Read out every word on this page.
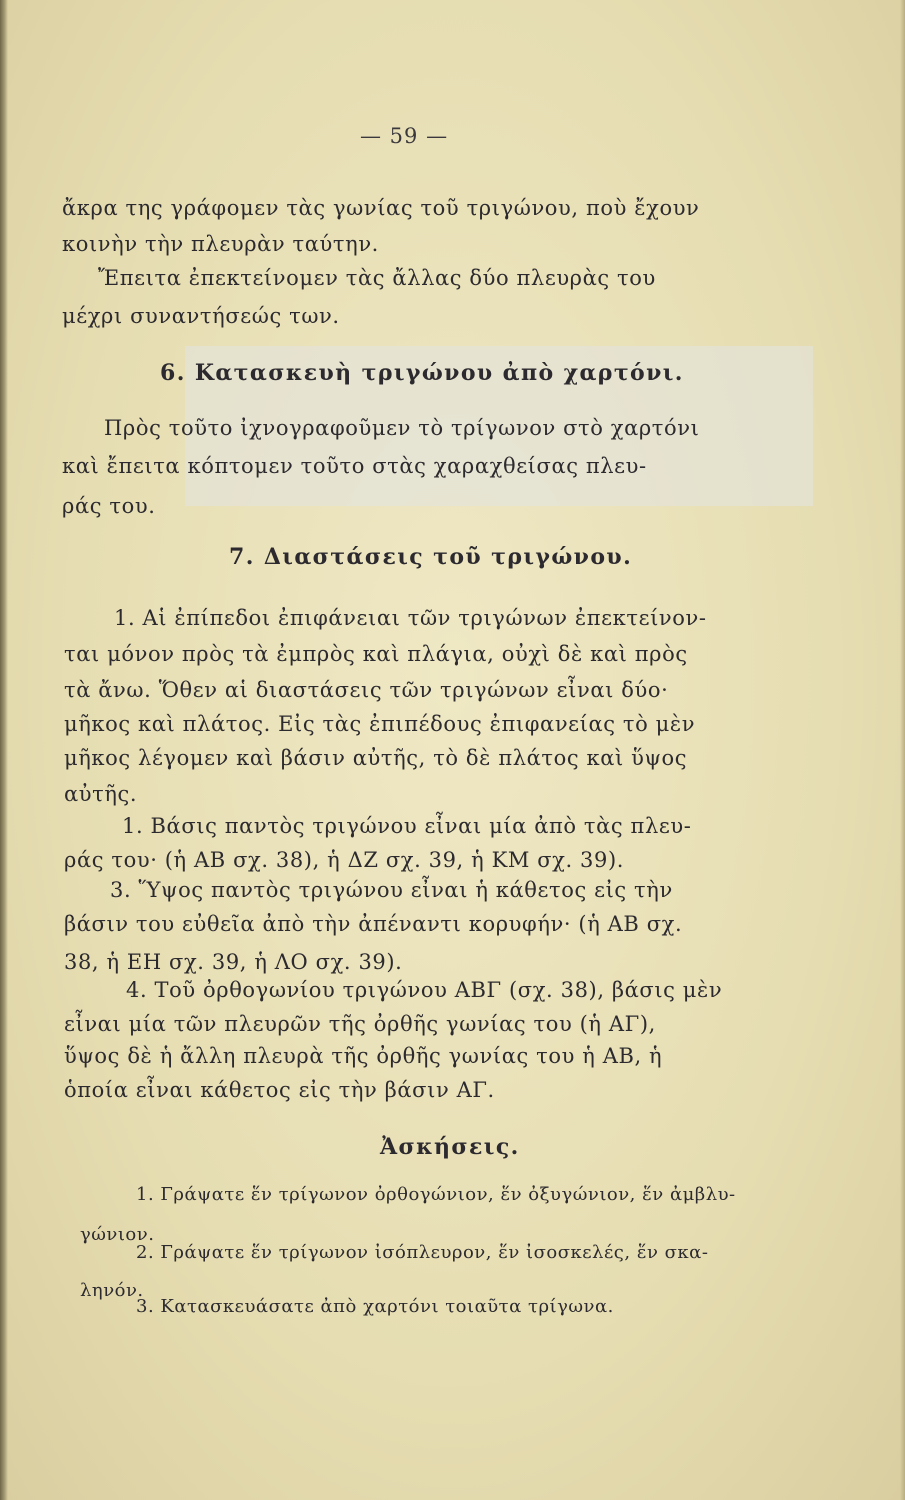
— 59 —
ἄκρα της γράφομεν τὰς γωνίας τοῦ τριγώνου, ποὺ ἔχουν
κοινὴν τὴν πλευρὰν ταύτην.
Ἔπειτα ἐπεκτείνομεν τὰς ἄλλας δύο πλευρὰς του
μέχρι συναντήσεώς των.
6. Κατασκευὴ τριγώνου ἀπὸ χαρτόνι.
Πρὸς τοῦτο ἰχνογραφοῦμεν τὸ τρίγωνον στὸ χαρτόνι
καὶ ἔπειτα κόπτομεν τοῦτο στὰς χαραχθείσας πλευ-
ράς του.
7. Διαστάσεις τοῦ τριγώνου.
1. Αἱ ἐπίπεδοι ἐπιφάνειαι τῶν τριγώνων ἐπεκτείνον-
ται μόνον πρὸς τὰ ἐμπρὸς καὶ πλάγια, οὐχὶ δὲ καὶ πρὸς
τὰ ἄνω. Ὅθεν αἱ διαστάσεις τῶν τριγώνων εἶναι δύο·
μῆκος καὶ πλάτος. Εἰς τὰς ἐπιπέδους ἐπιφανείας τὸ μὲν
μῆκος λέγομεν καὶ βάσιν αὐτῆς, τὸ δὲ πλάτος καὶ ὕψος
αὐτῆς.
1. Βάσις παντὸς τριγώνου εἶναι μία ἀπὸ τὰς πλευ-
ράς του· (ἡ ΑΒ σχ. 38), ἡ ΔΖ σχ. 39, ἡ ΚΜ σχ. 39).
3. Ὕψος παντὸς τριγώνου εἶναι ἡ κάθετος εἰς τὴν
βάσιν του εὐθεῖα ἀπὸ τὴν ἀπέναντι κορυφήν· (ἡ ΑΒ σχ.
38, ἡ ΕΗ σχ. 39, ἡ ΛΟ σχ. 39).
4. Τοῦ ὀρθογωνίου τριγώνου ΑΒΓ (σχ. 38), βάσις μὲν
εἶναι μία τῶν πλευρῶν τῆς ὀρθῆς γωνίας του (ἡ ΑΓ),
ὕψος δὲ ἡ ἄλλη πλευρὰ τῆς ὀρθῆς γωνίας του ἡ ΑΒ, ἡ
ὁποία εἶναι κάθετος εἰς τὴν βάσιν ΑΓ.
Ἀσκήσεις.
1. Γράψατε ἕν τρίγωνον ὀρθογώνιον, ἕν ὀξυγώνιον, ἕν ἀμβλυ-
γώνιον.
2. Γράψατε ἕν τρίγωνον ἰσόπλευρον, ἕν ἰσοσκελές, ἕν σκα-
ληνόν.
3. Κατασκευάσατε ἀπὸ χαρτόνι τοιαῦτα τρίγωνα.
